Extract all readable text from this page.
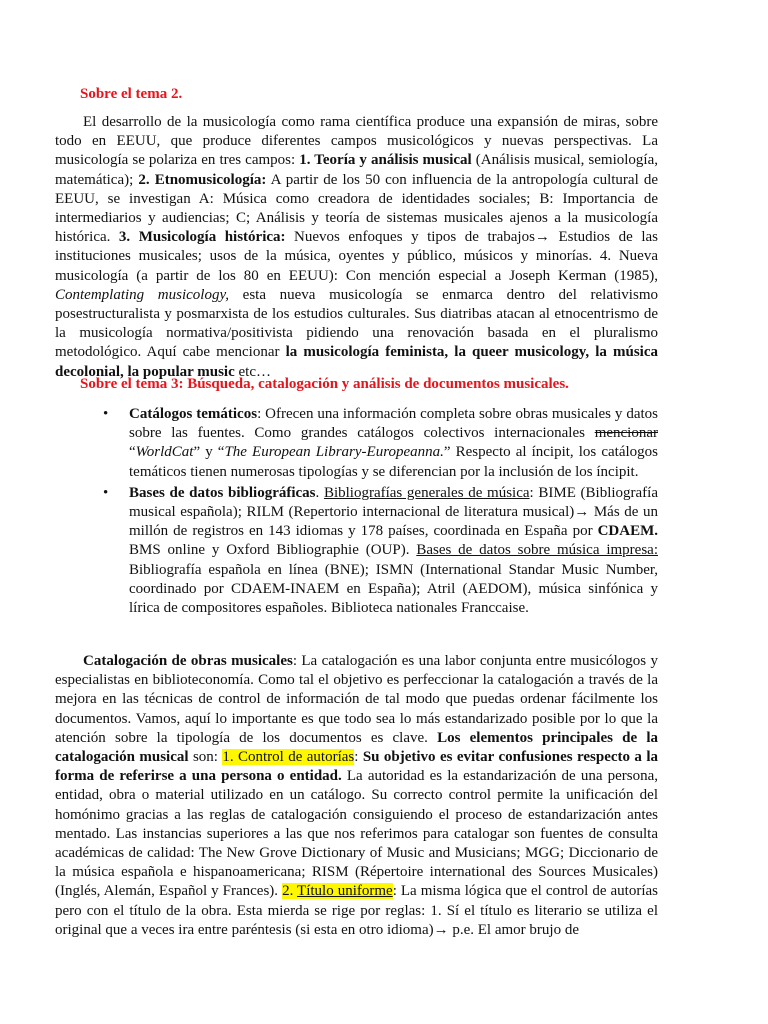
Sobre el tema 2.
El desarrollo de la musicología como rama científica produce una expansión de miras, sobre todo en EEUU, que produce diferentes campos musicológicos y nuevas perspectivas. La musicología se polariza en tres campos: 1. Teoría y análisis musical (Análisis musical, semiología, matemática); 2. Etnomusicología: A partir de los 50 con influencia de la antropología cultural de EEUU, se investigan A: Música como creadora de identidades sociales; B: Importancia de intermediarios y audiencias; C; Análisis y teoría de sistemas musicales ajenos a la musicología histórica. 3. Musicología histórica: Nuevos enfoques y tipos de trabajos→ Estudios de las instituciones musicales; usos de la música, oyentes y público, músicos y minorías. 4. Nueva musicología (a partir de los 80 en EEUU): Con mención especial a Joseph Kerman (1985), Contemplating musicology, esta nueva musicología se enmarca dentro del relativismo posestructuralista y posmarxista de los estudios culturales. Sus diatribas atacan al etnocentrismo de la musicología normativa/positivista pidiendo una renovación basada en el pluralismo metodológico. Aquí cabe mencionar la musicología feminista, la queer musicology, la música decolonial, la popular music etc…
Sobre el tema 3: Búsqueda, catalogación y análisis de documentos musicales.
• Catálogos temáticos: Ofrecen una información completa sobre obras musicales y datos sobre las fuentes. Como grandes catálogos colectivos internacionales mencionar “WorldCat” y “The European Library-Europeanna.” Respecto al íncipit, los catálogos temáticos tienen numerosas tipologías y se diferencian por la inclusión de los íncipit.
• Bases de datos bibliográficas. Bibliografías generales de música: BIME (Bibliografía musical española); RILM (Repertorio internacional de literatura musical)→ Más de un millón de registros en 143 idiomas y 178 países, coordinada en España por CDAEM. BMS online y Oxford Bibliographie (OUP). Bases de datos sobre música impresa: Bibliografía española en línea (BNE); ISMN (International Standar Music Number, coordinado por CDAEM-INAEM en España); Atril (AEDOM), música sinfónica y lírica de compositores españoles. Biblioteca nationales Franccaise.
Catalogación de obras musicales: La catalogación es una labor conjunta entre musicólogos y especialistas en biblioteconomía. Como tal el objetivo es perfeccionar la catalogación a través de la mejora en las técnicas de control de información de tal modo que puedas ordenar fácilmente los documentos. Vamos, aquí lo importante es que todo sea lo más estandarizado posible por lo que la atención sobre la tipología de los documentos es clave. Los elementos principales de la catalogación musical son: 1. Control de autorías: Su objetivo es evitar confusiones respecto a la forma de referirse a una persona o entidad. La autoridad es la estandarización de una persona, entidad, obra o material utilizado en un catálogo. Su correcto control permite la unificación del homónimo gracias a las reglas de catalogación consiguiendo el proceso de estandarización antes mentado. Las instancias superiores a las que nos referimos para catalogar son fuentes de consulta académicas de calidad: The New Grove Dictionary of Music and Musicians; MGG; Diccionario de la música española e hispanoamericana; RISM (Répertoire international des Sources Musicales) (Inglés, Alemán, Español y Frances). 2. Título uniforme: La misma lógica que el control de autorías pero con el título de la obra. Esta mierda se rige por reglas: 1. Sí el título es literario se utiliza el original que a veces ira entre paréntesis (si esta en otro idioma)→ p.e. El amor brujo de
